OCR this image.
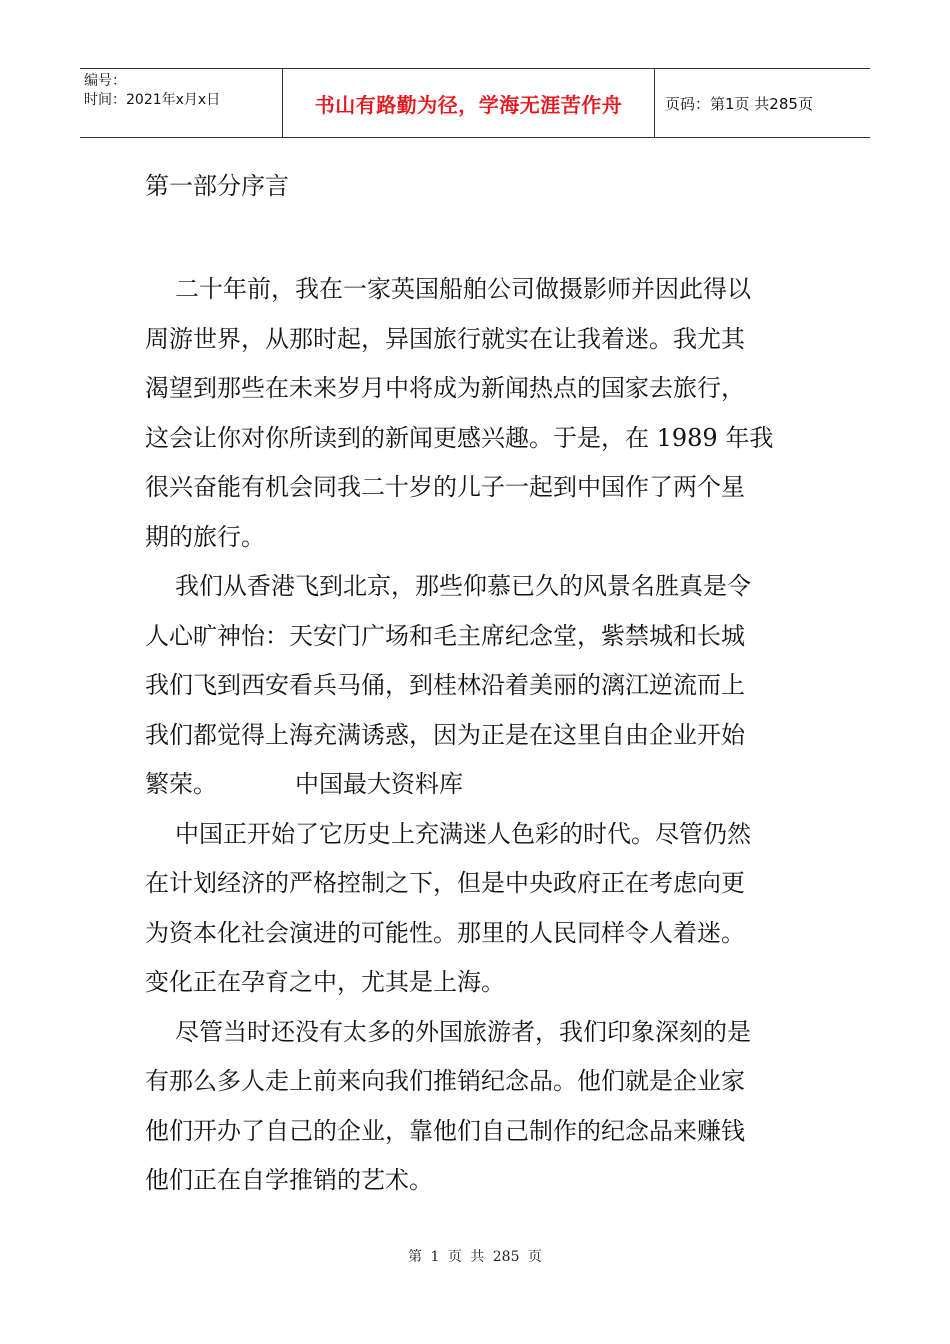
编号：
时间：2021年x月x日	书山有路勤为径，学海无涯苦作舟	页码：第1页 共285页
第一部分序言
二十年前，我在一家英国船舶公司做摄影师并因此得以
周游世界，从那时起，异国旅行就实在让我着迷。我尤其
渴望到那些在未来岁月中将成为新闻热点的国家去旅行，
这会让你对你所读到的新闻更感兴趣。于是，在 1989 年我
很兴奋能有机会同我二十岁的儿子一起到中国作了两个星
期的旅行。
我们从香港飞到北京，那些仰慕已久的风景名胜真是令
人心旷神怡：天安门广场和毛主席纪念堂，紫禁城和长城
我们飞到西安看兵马俑，到桂林沿着美丽的漓江逆流而上
我们都觉得上海充满诱惑，因为正是在这里自由企业开始
繁荣。	中国最大资料库
中国正开始了它历史上充满迷人色彩的时代。尽管仍然
在计划经济的严格控制之下，但是中央政府正在考虑向更
为资本化社会演进的可能性。那里的人民同样令人着迷。
变化正在孕育之中，尤其是上海。
尽管当时还没有太多的外国旅游者，我们印象深刻的是
有那么多人走上前来向我们推销纪念品。他们就是企业家
他们开办了自己的企业，靠他们自己制作的纪念品来赚钱
他们正在自学推销的艺术。
第 1 页 共 285 页
